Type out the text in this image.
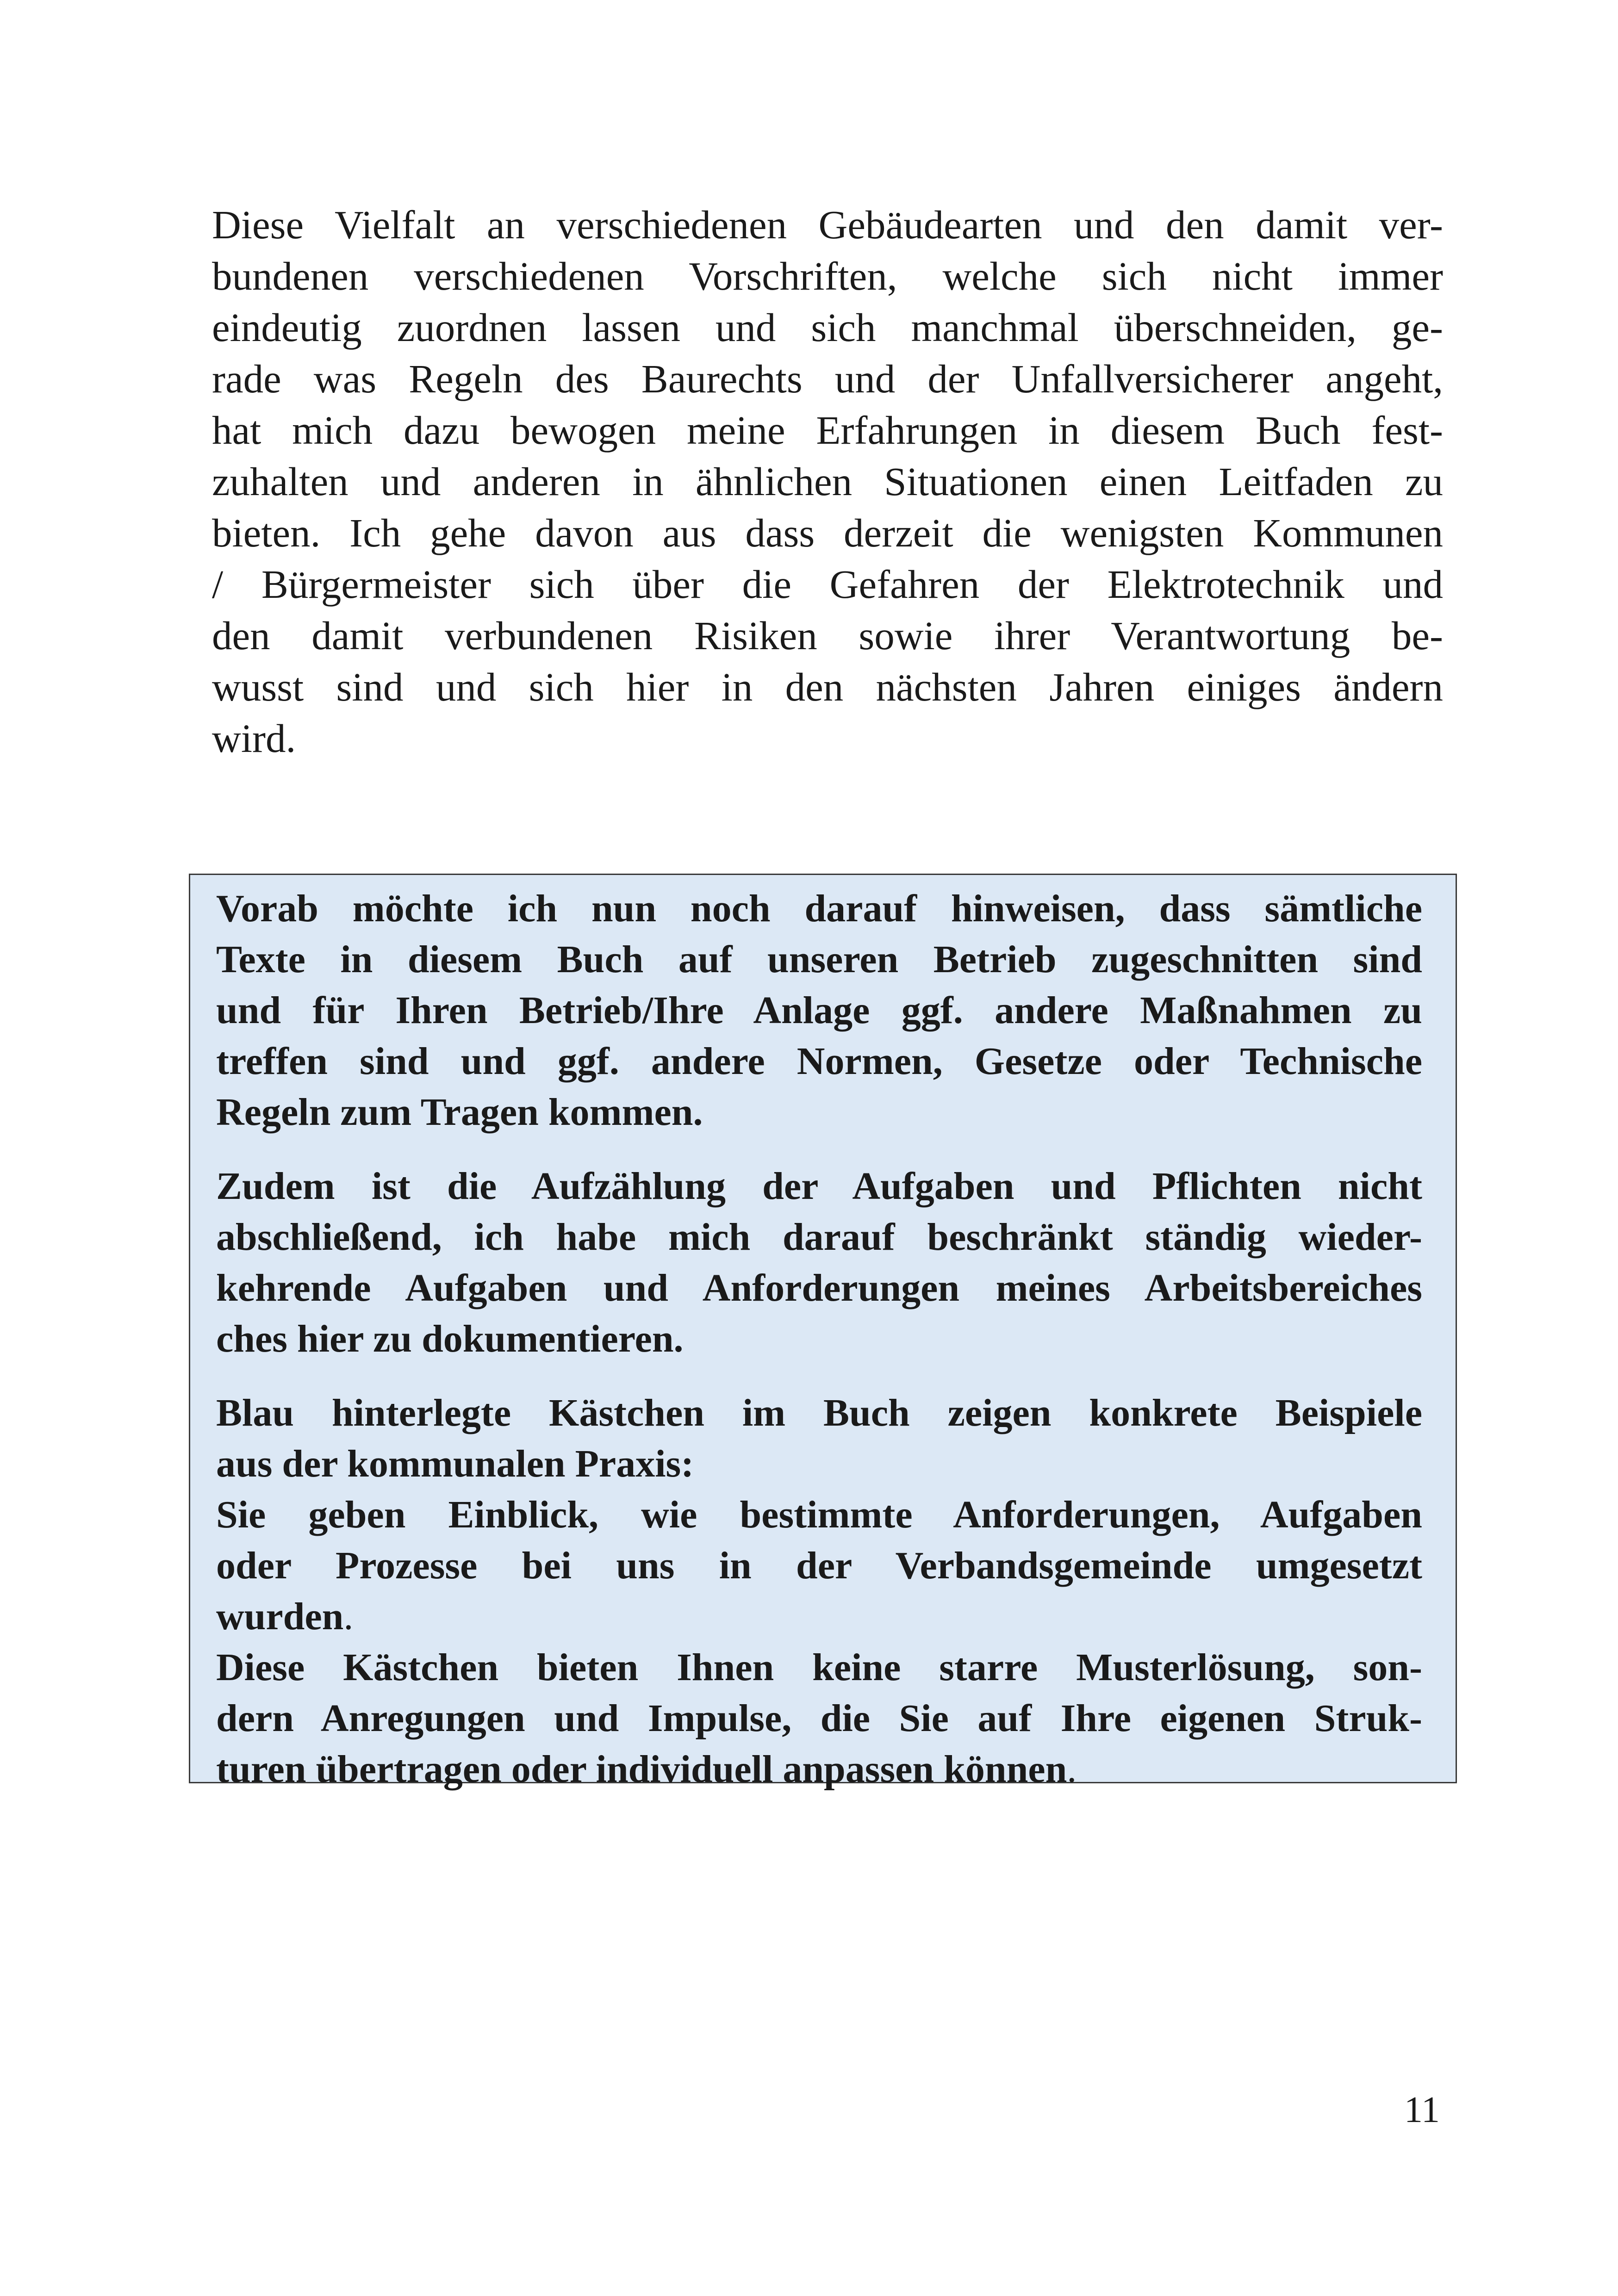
Diese Vielfalt an verschiedenen Gebäudearten und den damit ver-
bundenen verschiedenen Vorschriften, welche sich nicht immer
eindeutig zuordnen lassen und sich manchmal überschneiden, ge-
rade was Regeln des Baurechts und der Unfallversicherer angeht,
hat mich dazu bewogen meine Erfahrungen in diesem Buch fest-
zuhalten und anderen in ähnlichen Situationen einen Leitfaden zu
bieten. Ich gehe davon aus dass derzeit die wenigsten Kommunen
/ Bürgermeister sich über die Gefahren der Elektrotechnik und
den damit verbundenen Risiken sowie ihrer Verantwortung be-
wusst sind und sich hier in den nächsten Jahren einiges ändern
wird.
Vorab möchte ich nun noch darauf hinweisen, dass sämtliche
Texte in diesem Buch auf unseren Betrieb zugeschnitten sind
und für Ihren Betrieb/Ihre Anlage ggf. andere Maßnahmen zu
treffen sind und ggf. andere Normen, Gesetze oder Technische
Regeln zum Tragen kommen.
Zudem ist die Aufzählung der Aufgaben und Pflichten nicht
abschließend, ich habe mich darauf beschränkt ständig wieder-
kehrende Aufgaben und Anforderungen meines Arbeitsbereiches
ches hier zu dokumentieren.
Blau hinterlegte Kästchen im Buch zeigen konkrete Beispiele
aus der kommunalen Praxis:
Sie geben Einblick, wie bestimmte Anforderungen, Aufgaben
oder Prozesse bei uns in der Verbandsgemeinde umgesetzt
wurden.
Diese Kästchen bieten Ihnen keine starre Musterlösung, son-
dern Anregungen und Impulse, die Sie auf Ihre eigenen Struk-
turen übertragen oder individuell anpassen können.
11
